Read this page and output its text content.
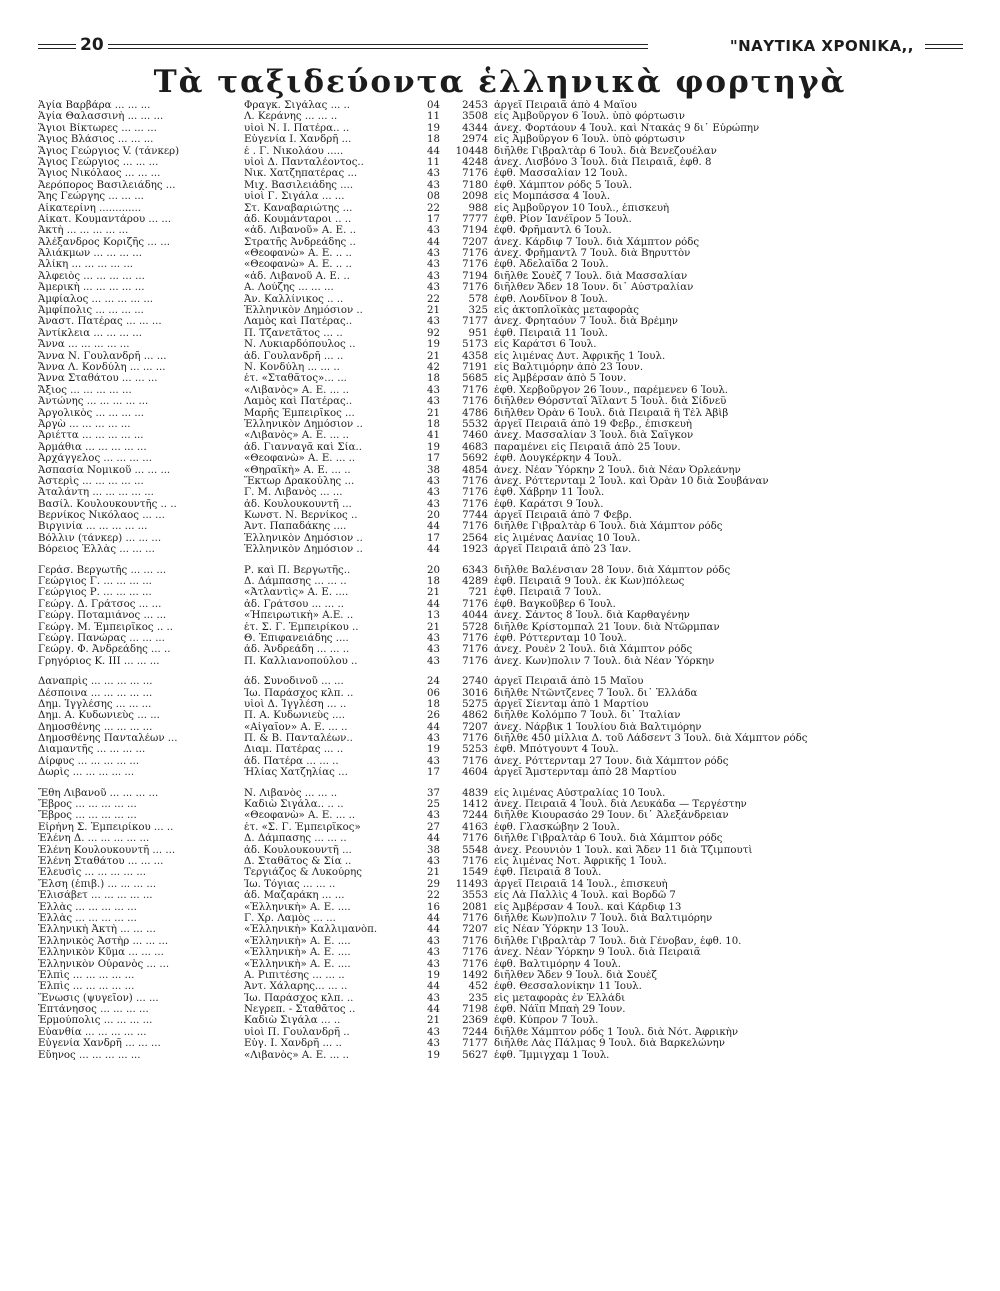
20	"ΝΑΥΤΙΚΑ ΧΡΟΝΙΚΑ,,
Τὰ ταξιδεύοντα ἑλληνικὰ φορτηγὰ
Ἁγία Βαρβάρα ... ... ...	Φραγκ. Σιγάλας ... ..	04	2453 ἀργεῖ Πειραιᾶ ἀπὸ 4 Μαΐου
Ἁγία Θαλασσινὴ ... ... ...	Λ. Κεράνης ... ... ..	11	3508 εἰς Ἀμβοῦργον 6 Ἰουλ. ὑπὸ φόρτωσιν
Ἅγιοι Βίκτωρες ... ... ...	υἱοὶ Ν. Ι. Πατέρα.. ..	19	4344 ἀνεχ. Φορτάουν 4 Ἰουλ. καὶ Ντακάς 9 δι᾽ Εὐρώπην
Ἅγιος Βλάσιος ... ... ...	Εὐγενία Ι. Χανδρῆ ...	18	2974 εἰς Ἀμβοῦργον 6 Ἰουλ. ὑπὸ φόρτωσιν
Ἅγιος Γεώργιος V. (τάνκερ)	ἐ . Γ. Νικολάου .....	44	10448 διῆλθε Γιβραλτὰρ 6 Ἰουλ. διὰ Βενεζουέλαν
Ἅγιος Γεώργιος ... ... ...	υἱοὶ Δ. Πανταλέοντος..	11	4248 ἀνεχ. Λισβόνο 3 Ἰουλ. διὰ Πειραιᾶ, ἐφθ. 8
Ἅγιος Νικόλαος ... ... ...	Νικ. Χατζηπατέρας ...	43	7176 ἐφθ. Μασσαλίαν 12 Ἰουλ.
Ἀερόπορος Βασιλειάδης ...	Μιχ. Βασιλειάδης ....	43	7180 ἐφθ. Χάμπτον ρόδς 5 Ἰουλ.
Ἄης Γεώργης ... ... ...	υἱοὶ Γ. Σιγάλα ... ...	08	2098 εἰς Μομπάσσα 4 Ἰουλ.
Αἰκατερίνη .............	Στ. Καναβαριώτης ...	22	988 εἰς Ἀμβοῦργον 10 Ἰουλ., ἐπισκευὴ
Αἰκατ. Κουμαντάρου ... ...	ἀδ. Κουμάνταροι .. ..	17	7777 ἐφθ. Ρίον Ἰανέϊρον 5 Ἰουλ.
Ἀκτὴ ... ... ... ... ...	«ἀδ. Λιβανοῦ» Α. Ε. ..	43	7194 ἐφθ. Φρῆμαντλ 6 Ἰουλ.
Ἀλέξανδρος Κοριζῆς ... ...	Στρατῆς Ἀνδρεάδης ..	44	7207 ἀνεχ. Κάρδιφ 7 Ἰουλ. διὰ Χάμπτον ρόδς
Ἀλιάκμων ... ... ... ...	«Θεοφανὼ» Α. Ε. .. ..	43	7176 ἀνεχ. Φρῆμαντλ 7 Ἰουλ. διὰ Βηρυττὸν
Ἀλίκη ... ... ... ... ...	«Θεοφανὼ» Α. Ε. .. ..	43	7176 ἐφθ. Ἀδελαΐδα 2 Ἰουλ.
Ἀλφειὸς ... ... ... ... ...	«ἀδ. Λιβανοῦ Α. Ε. ..	43	7194 διῆλθε Σουὲζ 7 Ἰουλ. διὰ Μασσαλίαν
Ἀμερικὴ ... ... ... ... ...	Α. Λούζης ... ... ...	43	7176 διῆλθεν Ἄδεν 18 Ἰουν. δι᾽ Αὐστραλίαν
Ἀμφίαλος ... ... ... ... ...	Ἀν. Καλλίνικος .. ..	22	578 ἐφθ. Λονδῖνον 8 Ἰουλ.
Ἀμφίπολις ... ... ... ...	Ἑλληνικὸν Δημόσιον ..	21	325 εἰς ἀκτοπλοϊκὰς μεταφορὰς
Ἀναστ. Πατέρας ... ... ...	Λαμὸς καὶ Πατέρας..	43	7177 ἀνεχ. Φρηταόυν 7 Ἰουλ. διὰ Βρέμην
Ἀντίκλεια ... ... ... ...	Π. Τζανετᾶτος ... ..	92	951 ἐφθ. Πειραιᾶ 11 Ἰουλ.
Ἄννα ... ... ... ... ...	Ν. Λυκιαρδόπουλος ..	19	5173 εἰς Καράτσι 6 Ἰουλ.
Ἄννα Ν. Γουλανδρῆ ... ...	ἀδ. Γουλανδρῆ ... ..	21	4358 εἰς λιμένας Δυτ. Ἀφρικῆς 1 Ἰουλ.
Ἄννα Λ. Κονδύλη ... ... ...	Ν. Κονδύλη ... ... ..	42	7191 εἰς Βαλτιμόρην ἀπὸ 23 Ἰουν.
Ἄννα Σταθάτου ... ... ...	ἐτ. «Σταθᾶτος»... ...	18	5685 εἰς Ἀμβέρσαν ἀπὸ 5 Ἰουν.
Ἄξιος ... ... ... ... ...	«Λιβανὸς» Α. Ε. ... ..	43	7176 ἐφθ. Χερβοῦργον 26 Ἰουν., παρέμενεν 6 Ἰουλ.
Ἀντώνης ... ... ... ... ...	Λαμὸς καὶ Πατέρας..	43	7176 διῆλθεν Θόρσνταϊ Ἄϊλαντ 5 Ἰουλ. διὰ Σίδνεϋ
Ἀργολικὸς ... ... ... ...	Μαρῆς Ἐμπειρῖκος ...	21	4786 διῆλθεν Ὀρὰν 6 Ἰουλ. διὰ Πειραιᾶ ἢ Τὲλ Ἀβὶβ
Ἀργὼ ... ... ... ... ...	Ἑλληνικὸν Δημόσιον ..	18	5532 ἀργεῖ Πειραιᾶ ἀπὸ 19 Φεβρ., ἐπισκευὴ
Ἀριέττα ... ... ... ... ...	«Λιβανὸς» Α. Ε. ... ..	41	7460 ἀνεχ. Μασσαλίαν 3 Ἰουλ. διὰ Σαΐγκον
Ἀρμάθια ... ... ... ... ...	ἀδ. Γιανναγᾶ καὶ Σία..	19	4683 παραμένει εἰς Πειραιᾶ ἀπὸ 25 Ἰουν.
Ἀρχάγγελος ... ... ... ...	«Θεοφανὼ» Α. Ε. ... ..	17	5692 ἐφθ. Δουγκέρκην 4 Ἰουλ.
Ἀσπασία Νομικοῦ ... ... ...	«Θηραϊκὴ» Α. Ε. ... ..	38	4854 ἀνεχ. Νέαν Ὑόρκην 2 Ἰουλ. διὰ Νέαν Ὀρλεάνην
Ἀστερὶς ... ... ... ... ...	Ἕκτωρ Δρακούλης ...	43	7176 ἀνεχ. Ρόττερνταμ 2 Ἰουλ. καὶ Ὀρὰν 10 διὰ Σουβάναν
Ἀταλάντη ... ... ... ... ...	Γ. Μ. Λιβανὸς ... ...	43	7176 ἐφθ. Χάβρην 11 Ἰουλ.
Βασίλ. Κουλουκουντῆς .. ..	ἀδ. Κουλουκουντῆ ...	43	7176 ἐφθ. Καράτσι 9 Ἰουλ.
Βερνίκος Νικόλαος ... ...	Κωνστ. Ν. Βερνίκος ..	20	7744 ἀργεῖ Πειραιᾶ ἀπὸ 7 Φεβρ.
Βιργινία ... ... ... ... ...	Ἀντ. Παπαδάκης ....	44	7176 διῆλθε Γιβραλτὰρ 6 Ἰουλ. διὰ Χάμπτον ρόδς
Βόλλιν (τάνκερ) ... ... ...	Ἑλληνικὸν Δημόσιον ..	17	2564 εἰς λιμένας Δανίας 10 Ἰουλ.
Βόρειος Ἑλλὰς ... ... ...	Ἑλληνικὸν Δημόσιον ..	44	1923 ἀργεῖ Πειραιᾶ ἀπὸ 23 Ἰαν.
Γεράσ. Βεργωτῆς ... ... ...	Ρ. καὶ Π. Βεργωτῆς..	20	6343 διῆλθε Βαλένσιαν 28 Ἰουν. διὰ Χάμπτον ρόδς
Γεώργιος Γ. ... ... ... ...	Δ. Δάμπασης ... ... ..	18	4289 ἐφθ. Πειραιᾶ 9 Ἰουλ. ἐκ Κων)πόλεως
Γεώργιος Ρ. ... ... ... ...	«Ἀτλαντὶς» Α. Ε. ....	21	721 ἐφθ. Πειραιᾶ 7 Ἰουλ.
Γεώργ. Δ. Γράτσος ... ...	ἀδ. Γράτσου ... ... ..	44	7176 ἐφθ. Βαγκοῦβερ 6 Ἰουλ.
Γεώργ. Ποταμιάνος ... ...	«Ἠπειρωτικὴ» Α.Ε. ..	13	4044 ἀνεχ. Σάντος 8 Ἰουλ. διὰ Καρθαγένην
Γεώργ. Μ. Ἐμπειρῖκος .. ..	ἐτ. Σ. Γ. Ἐμπειρίκου ..	21	5728 διῆλθε Κρίστομπαλ 21 Ἰουν. διὰ Ντῶρμπαν
Γεώργ. Πανώρας ... ... ...	Θ. Ἐπιφανειάδης ....	43	7176 ἐφθ. Ρόττερνταμ 10 Ἰουλ.
Γεώργ. Φ. Ἀνδρεάδης ... ..	ἀδ. Ἀνδρεάδη ... ... ..	43	7176 ἀνεχ. Ρουὲν 2 Ἰουλ. διὰ Χάμπτον ρόδς
Γρηγόριος Κ. III ... ... ...	Π. Καλλιανοπούλου ..	43	7176 ἀνεχ. Κων)πολιν 7 Ἰουλ. διὰ Νέαν Ὑόρκην
Δαναπρὶς ... ... ... ... ...	ἀδ. Συνοδινοῦ ... ...	24	2740 ἀργεῖ Πειραιᾶ ἀπὸ 15 Μαΐου
Δέσποινα ... ... ... ... ...	Ἰω. Παράσχος κλπ. ..	06	3016 διῆλθε Ντῶντζενες 7 Ἰουλ. δι᾽ Ἑλλάδα
Δημ. Ἰγγλέσης ... ... ...	υἱοὶ Δ. Ἰγγλέση ... ..	18	5275 ἀργεῖ Σίενταμ ἀπὸ 1 Μαρτίου
Δημ. Α. Κυδωνιεὺς ... ...	Π. Α. Κυδωνιεὺς ....	26	4862 διῆλθε Κολόμπο 7 Ἰουλ. δι᾽ Ἰταλίαν
Δημοσθένης ... ... ... ...	«Αἰγαῖον» Α. Ε. ... ..	44	7207 ἀνεχ. Νάρβικ 1 Ἰουλίου διὰ Βαλτιμόρην
Δημοσθένης Πανταλέων ...	Π. & Β. Πανταλέων..	43	7176 διῆλθε 450 μίλλια Δ. τοῦ Λάδσεντ 3 Ἰουλ. διὰ Χάμπτον ρόδς
Διαμαντῆς ... ... ... ...	Διαμ. Πατέρας ... ..	19	5253 ἐφθ. Μπότγουντ 4 Ἰουλ.
Δίρφυς ... ... ... ... ...	ἀδ. Πατέρα ... ... ..	43	7176 ἀνεχ. Ρόττερνταμ 27 Ἰουν. διὰ Χάμπτον ρόδς
Δωρὶς ... ... ... ... ...	Ἠλίας Χατζηλίας ...	17	4604 ἀργεῖ Ἄμστερνταμ ἀπὸ 28 Μαρτίου
Ἔθη Λιβανοῦ ... ... ... ...	Ν. Λιβανὸς ... ... ..	37	4839 εἰς λιμένας Αὐστραλίας 10 Ἰουλ.
Ἔβρος ... ... ... ... ...	Καδιὼ Σιγάλα.. .. ..	25	1412 ἀνεχ. Πειραιᾶ 4 Ἰουλ. διὰ Λευκάδα — Τεργέστην
Ἔβρος ... ... ... ... ...	«Θεοφανὼ» Α. Ε. ... ..	43	7244 διῆλθε Κιουρασάο 29 Ἰουν. δι᾽ Ἀλεξάνδρειαν
Εἰρήνη Σ. Ἐμπειρίκου ... ..	ἐτ. «Σ. Γ. Ἐμπειρῖκος»	27	4163 ἐφθ. Γλασκώβην 2 Ἰουλ.
Ἑλένη Δ. ... ... ... ... ...	Δ. Δάμπασης ... ... ..	44	7176 διῆλθε Γιβραλτὰρ 6 Ἰουλ. διὰ Χάμπτον ρόδς
Ἑλένη Κουλουκουντῆ ... ...	ἀδ. Κουλουκουντῆ ...	38	5548 ἀνεχ. Ρεουνιὸν 1 Ἰουλ. καὶ Ἄδεν 11 διὰ Τζιμπουτὶ
Ἑλένη Σταθάτου ... ... ...	Δ. Σταθᾶτος & Σία ..	43	7176 εἰς λιμένας Νοτ. Ἀφρικῆς 1 Ἰουλ.
Ἐλευσὶς ... ... ... ... ...	Τεργιάζος & Λυκούρης	21	1549 ἐφθ. Πειραιᾶ 8 Ἰουλ.
Ἔλση (ἐπιβ.) ... ... ... ...	Ἰω. Τόγιας ... ... ..	29	11493 ἀργεῖ Πειραιᾶ 14 Ἰουλ., ἐπισκευὴ
Ἐλισάβετ ... ... ... ... ...	ἀδ. Μαζαράκη ... ...	22	3553 εἰς Λὰ Παλλὶς 4 Ἰουλ. καὶ Βορδῶ 7
Ἑλλὰς ... ... ... ... ...	«Ἑλληνικὴ» Α. Ε. ....	16	2081 εἰς Ἀμβέρσαν 4 Ἰουλ. καὶ Κάρδιφ 13
Ἑλλὰς ... ... ... ... ...	Γ. Χρ. Λαμὸς ... ...	44	7176 διῆλθε Κων)πολιν 7 Ἰουλ. διὰ Βαλτιμόρην
Ἑλληνικὴ Ἀκτὴ ... ... ...	«Ἑλληνικὴ» Καλλιμανὸπ.	44	7207 εἰς Νέαν Ὑόρκην 13 Ἰουλ.
Ἑλληνικὸς Ἀστὴρ ... ... ...	«Ἑλληνικὴ» Α. Ε. ....	43	7176 διῆλθε Γιβραλτὰρ 7 Ἰουλ. διὰ Γένοβαν, ἐφθ. 10.
Ἑλληνικὸν Κῦμα ... ... ...	«Ἑλληνικὴ» Α. Ε. ....	43	7176 ἀνεχ. Νέαν Ὑόρκην 9 Ἰουλ. διὰ Πειραιᾶ
Ἑλληνικὸν Οὐρανὸς ... ...	«Ἑλληνικὴ» Α. Ε. ....	43	7176 ἐφθ. Βαλτιμόρην 4 Ἰουλ.
Ἐλπὶς ... ... ... ... ...	Α. Ριπιτέσης ... ... ..	19	1492 διῆλθεν Ἄδεν 9 Ἰουλ. διὰ Σουὲζ
Ἐλπὶς ... ... ... ... ...	Ἀντ. Χάλαρης... ... ..	44	452 ἐφθ. Θεσσαλονίκην 11 Ἰουλ.
Ἕνωσις (ψυγεῖον) ... ...	Ἰω. Παράσχος κλπ. ..	43	235 εἰς μεταφορὰς ἐν Ἑλλάδι
Ἑπτάνησος ... ... ... ...	Νεγρεπ. - Σταθᾶτος ..	44	7198 ἐφθ. Νάϊπ Μπαὴ 29 Ἰουν.
Ἑρμούπολις ... ... ... ...	Καδιὼ Σιγάλα ... ..	21	2369 ἐφθ. Κύπρον 7 Ἰουλ.
Εὐανθία ... ... ... ... ...	υἱοὶ Π. Γουλανδρῆ ..	43	7244 διῆλθε Χάμπτον ρόδς 1 Ἰουλ. διὰ Νότ. Ἀφρικὴν
Εὐγενία Χανδρῆ ... ... ...	Εὐγ. Ι. Χανδρῆ ... ..	43	7177 διῆλθε Λὰς Πάλμας 9 Ἰουλ. διὰ Βαρκελώνην
Εὔηνος ... ... ... ... ...	«Λιβανὸς» Α. Ε. ... ..	19	5627 ἐφθ. Ἴμμιγχαμ 1 Ἰουλ.
